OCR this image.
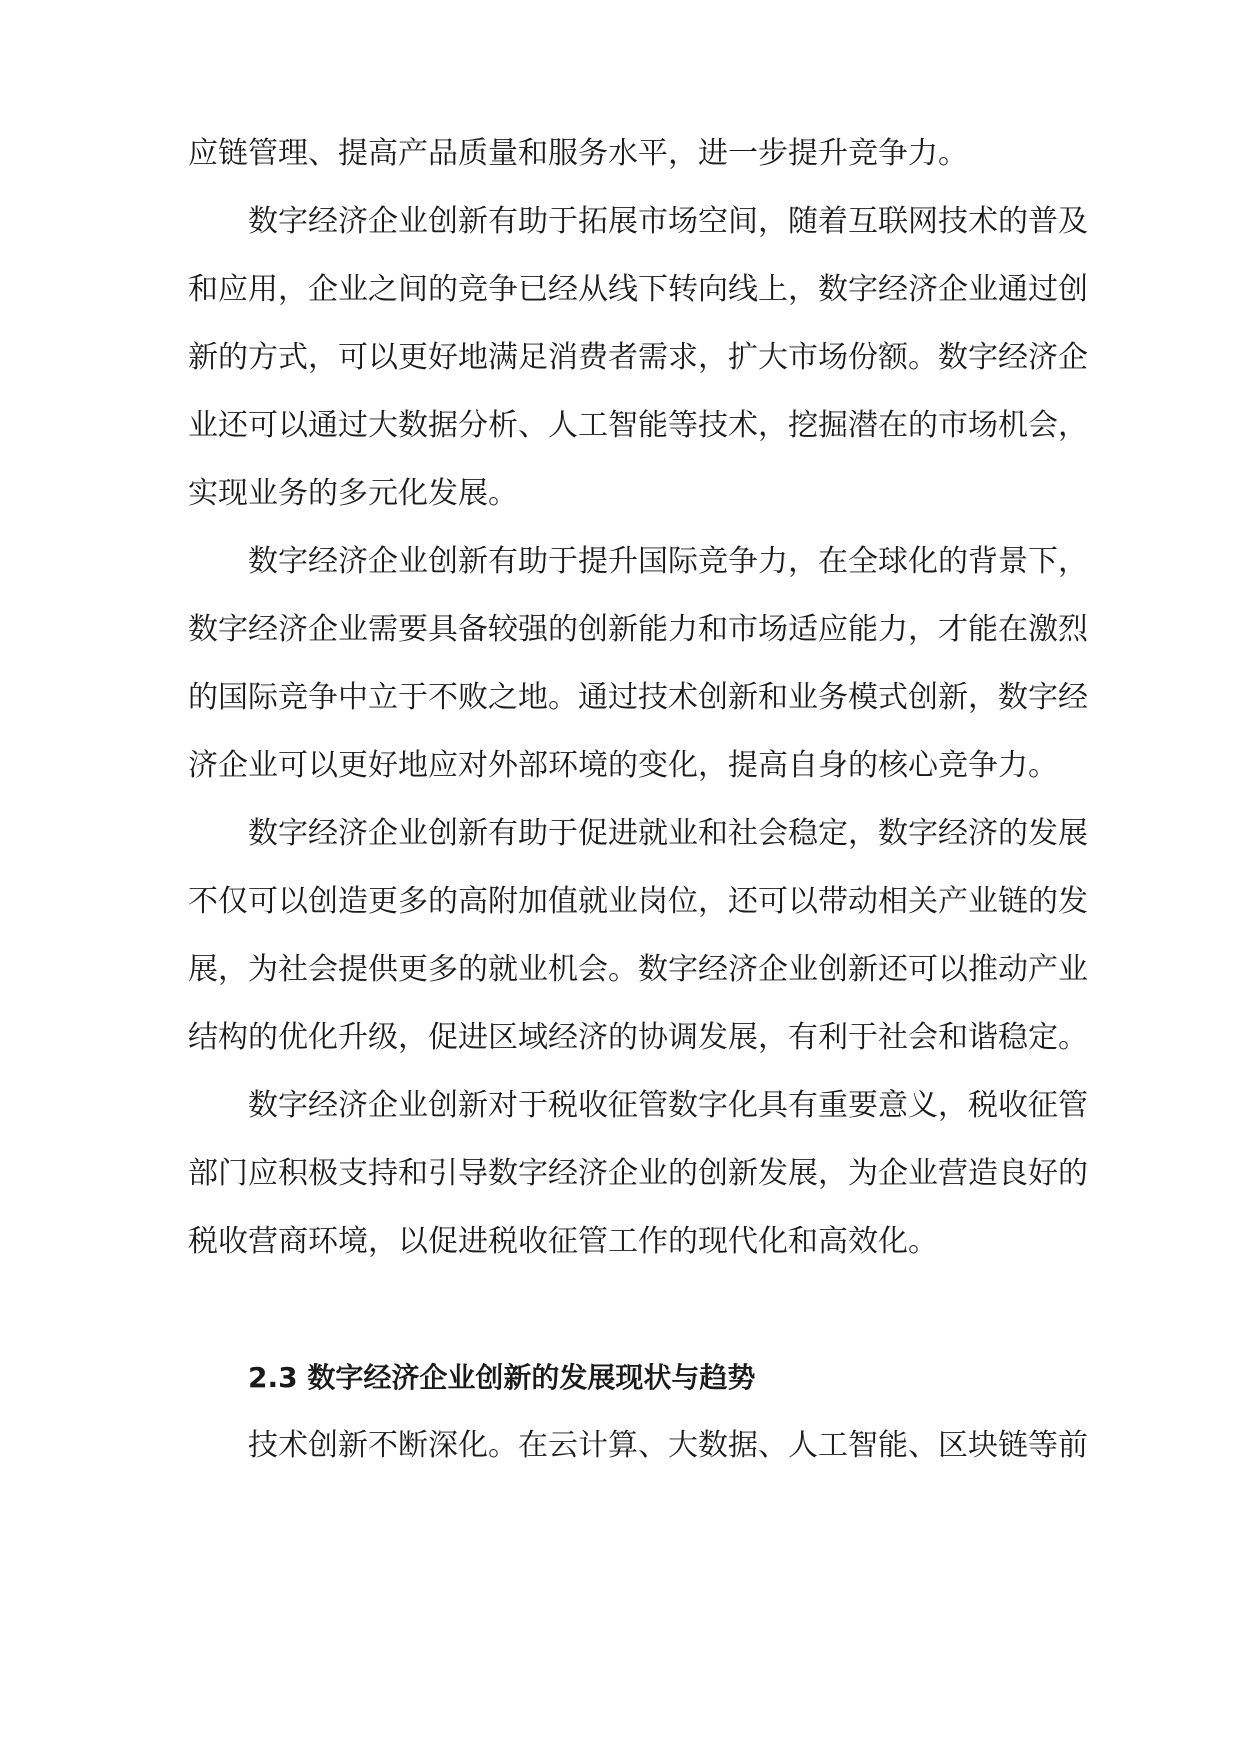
应链管理、提高产品质量和服务水平，进一步提升竞争力。
数字经济企业创新有助于拓展市场空间，随着互联网技术的普及
和应用，企业之间的竞争已经从线下转向线上，数字经济企业通过创
新的方式，可以更好地满足消费者需求，扩大市场份额。数字经济企
业还可以通过大数据分析、人工智能等技术，挖掘潜在的市场机会，
实现业务的多元化发展。
数字经济企业创新有助于提升国际竞争力，在全球化的背景下，
数字经济企业需要具备较强的创新能力和市场适应能力，才能在激烈
的国际竞争中立于不败之地。通过技术创新和业务模式创新，数字经
济企业可以更好地应对外部环境的变化，提高自身的核心竞争力。
数字经济企业创新有助于促进就业和社会稳定，数字经济的发展
不仅可以创造更多的高附加值就业岗位，还可以带动相关产业链的发
展，为社会提供更多的就业机会。数字经济企业创新还可以推动产业
结构的优化升级，促进区域经济的协调发展，有利于社会和谐稳定。
数字经济企业创新对于税收征管数字化具有重要意义，税收征管
部门应积极支持和引导数字经济企业的创新发展，为企业营造良好的
税收营商环境，以促进税收征管工作的现代化和高效化。
2.3 数字经济企业创新的发展现状与趋势
技术创新不断深化。在云计算、大数据、人工智能、区块链等前
